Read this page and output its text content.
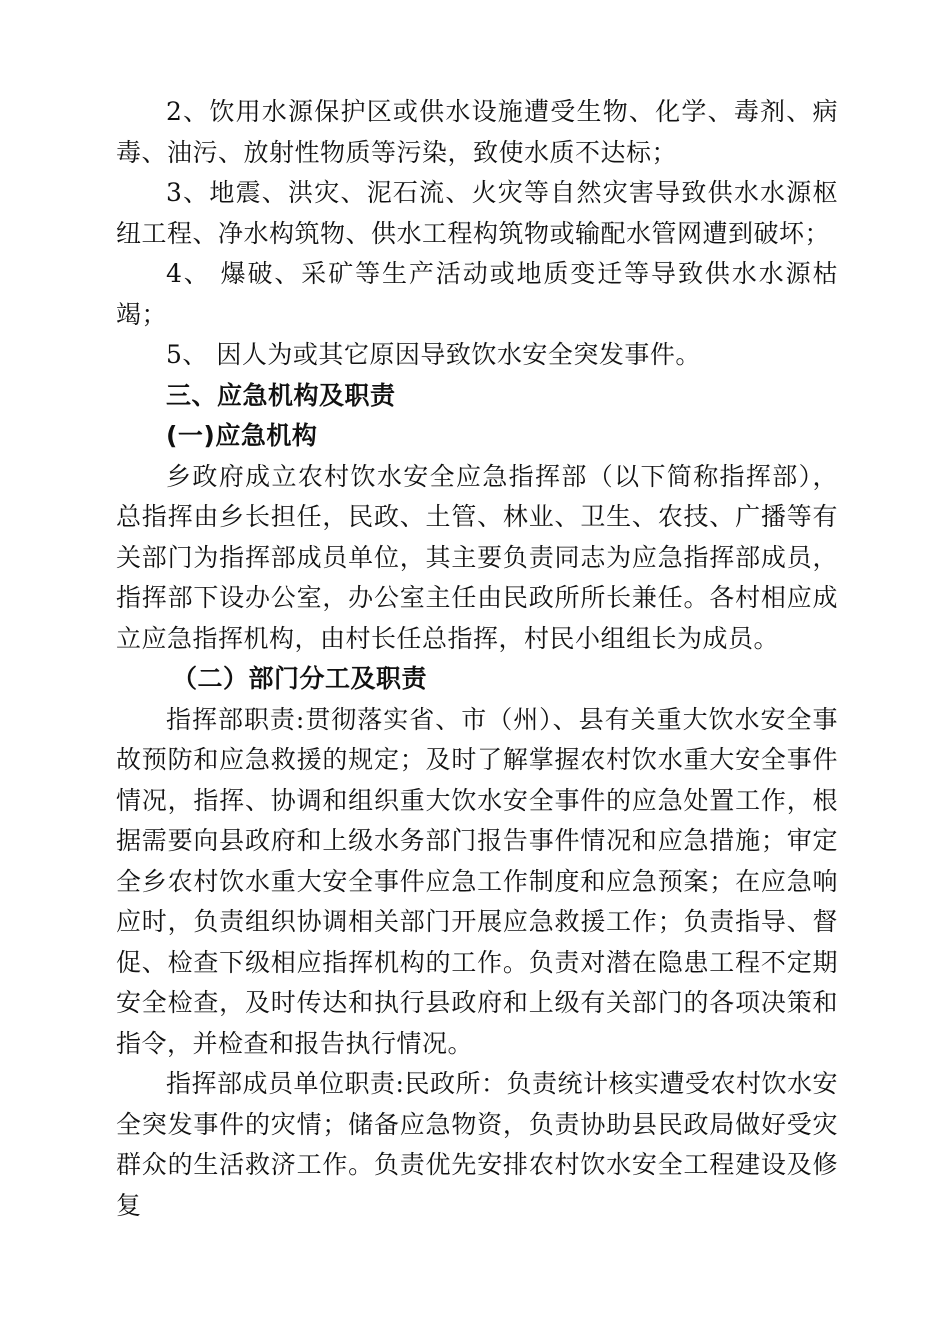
2、饮用水源保护区或供水设施遭受生物、化学、毒剂、病毒、油污、放射性物质等污染，致使水质不达标；

3、地震、洪灾、泥石流、火灾等自然灾害导致供水水源枢纽工程、净水构筑物、供水工程构筑物或输配水管网遭到破坏；

4、 爆破、采矿等生产活动或地质变迁等导致供水水源枯竭；

5、 因人为或其它原因导致饮水安全突发事件。

三、应急机构及职责

(一)应急机构

乡政府成立农村饮水安全应急指挥部（以下简称指挥部），总指挥由乡长担任，民政、土管、林业、卫生、农技、广播等有关部门为指挥部成员单位，其主要负责同志为应急指挥部成员，指挥部下设办公室，办公室主任由民政所所长兼任。各村相应成立应急指挥机构，由村长任总指挥，村民小组组长为成员。

（二）部门分工及职责

指挥部职责:贯彻落实省、市（州）、县有关重大饮水安全事故预防和应急救援的规定；及时了解掌握农村饮水重大安全事件情况，指挥、协调和组织重大饮水安全事件的应急处置工作，根据需要向县政府和上级水务部门报告事件情况和应急措施；审定全乡农村饮水重大安全事件应急工作制度和应急预案；在应急响应时，负责组织协调相关部门开展应急救援工作；负责指导、督促、检查下级相应指挥机构的工作。负责对潜在隐患工程不定期安全检查，及时传达和执行县政府和上级有关部门的各项决策和指令，并检查和报告执行情况。

指挥部成员单位职责:民政所：负责统计核实遭受农村饮水安全突发事件的灾情；储备应急物资，负责协助县民政局做好受灾群众的生活救济工作。负责优先安排农村饮水安全工程建设及修复
